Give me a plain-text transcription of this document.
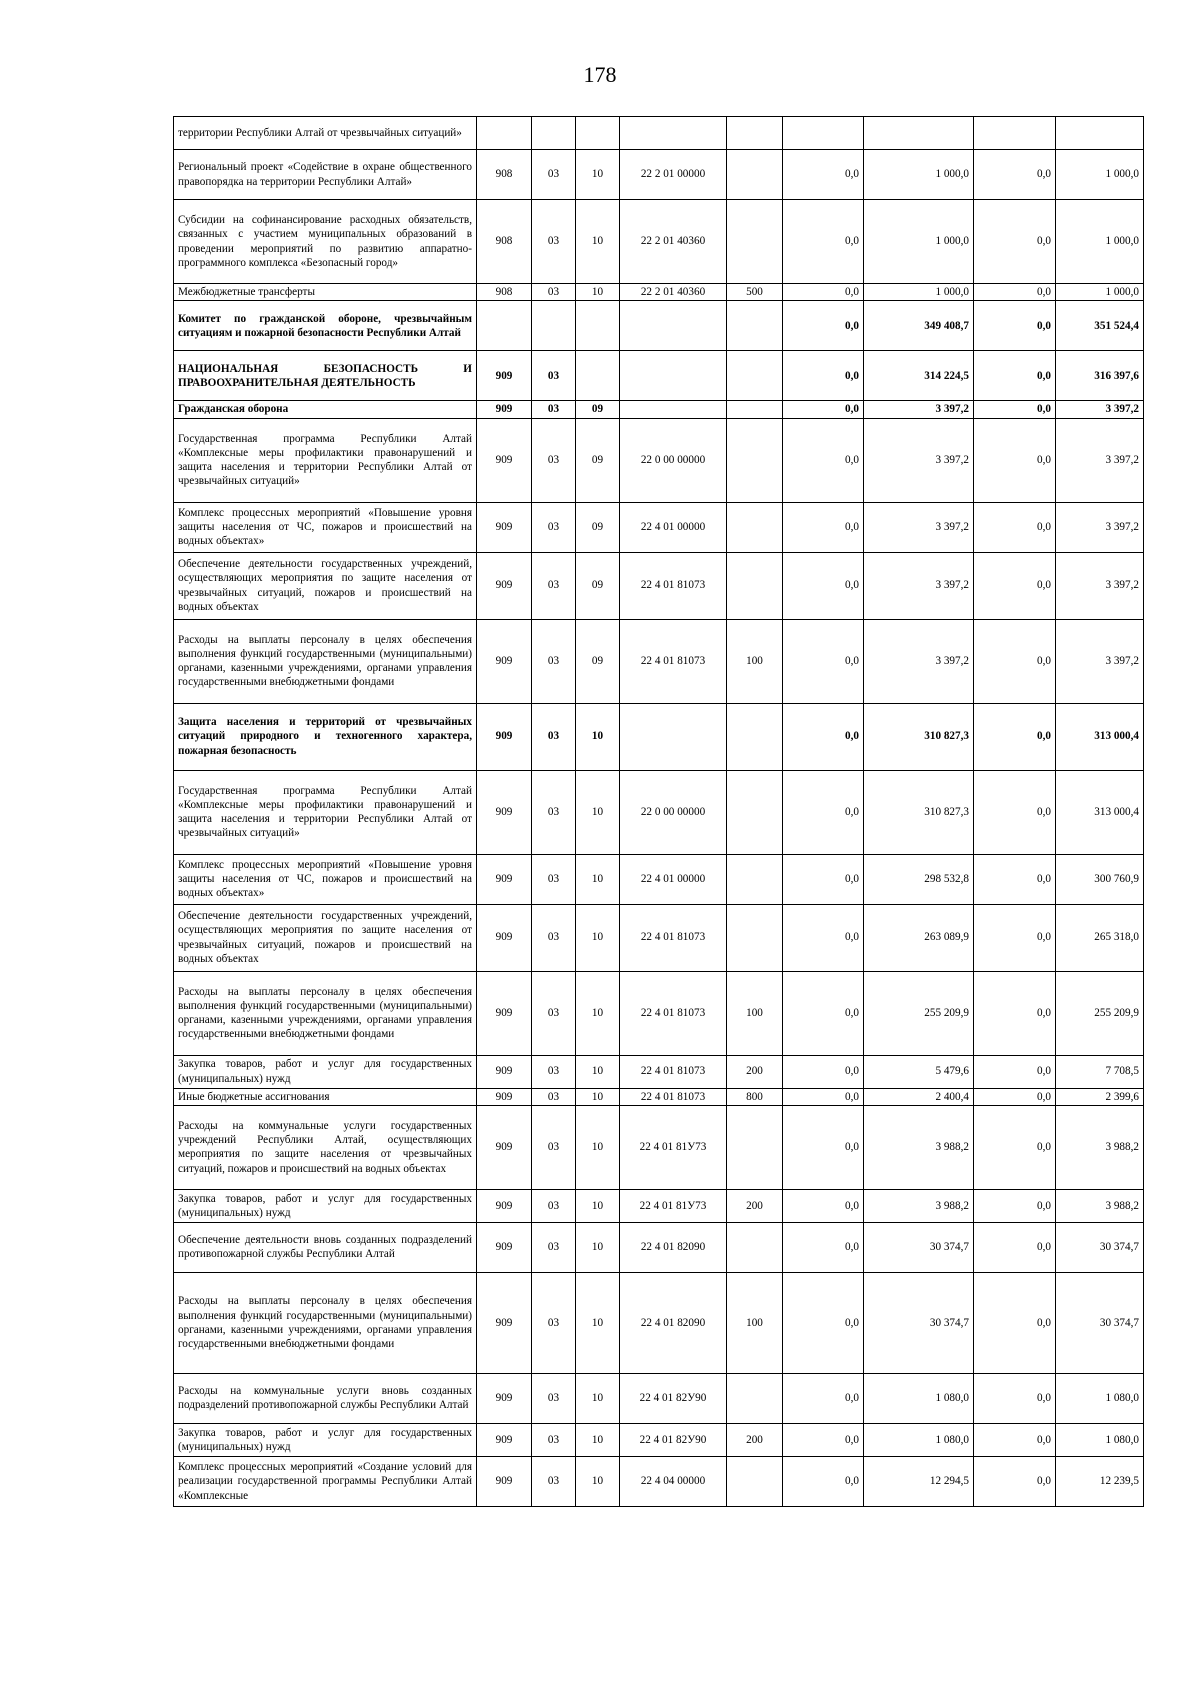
178
территории Республики Алтай от чрезвычайных ситуаций»									
Региональный проект «Содействие в охране общественного правопорядка на территории Республики Алтай»	908	03	10	22 2 01 00000		0,0	1 000,0	0,0	1 000,0
Субсидии на софинансирование расходных обязательств, связанных с участием муниципальных образований в проведении мероприятий по развитию аппаратно-программного комплекса «Безопасный город»	908	03	10	22 2 01 40360		0,0	1 000,0	0,0	1 000,0
Межбюджетные трансферты	908	03	10	22 2 01 40360	500	0,0	1 000,0	0,0	1 000,0
Комитет по гражданской обороне, чрезвычайным ситуациям и пожарной безопасности Республики Алтай						0,0	349 408,7	0,0	351 524,4
НАЦИОНАЛЬНАЯ БЕЗОПАСНОСТЬ И ПРАВООХРАНИТЕЛЬНАЯ ДЕЯТЕЛЬНОСТЬ	909	03				0,0	314 224,5	0,0	316 397,6
Гражданская оборона	909	03	09			0,0	3 397,2	0,0	3 397,2
Государственная программа Республики Алтай «Комплексные меры профилактики правонарушений и защита населения и территории Республики Алтай от чрезвычайных ситуаций»	909	03	09	22 0 00 00000		0,0	3 397,2	0,0	3 397,2
Комплекс процессных мероприятий «Повышение уровня защиты населения от ЧС, пожаров и происшествий на водных объектах»	909	03	09	22 4 01 00000		0,0	3 397,2	0,0	3 397,2
Обеспечение деятельности государственных учреждений, осуществляющих мероприятия по защите населения от чрезвычайных ситуаций, пожаров и происшествий на водных объектах	909	03	09	22 4 01 81073		0,0	3 397,2	0,0	3 397,2
Расходы на выплаты персоналу в целях обеспечения выполнения функций государственными (муниципальными) органами, казенными учреждениями, органами управления государственными внебюджетными фондами	909	03	09	22 4 01 81073	100	0,0	3 397,2	0,0	3 397,2
Защита населения и территорий от чрезвычайных ситуаций природного и техногенного характера, пожарная безопасность	909	03	10			0,0	310 827,3	0,0	313 000,4
Государственная программа Республики Алтай «Комплексные меры профилактики правонарушений и защита населения и территории Республики Алтай от чрезвычайных ситуаций»	909	03	10	22 0 00 00000		0,0	310 827,3	0,0	313 000,4
Комплекс процессных мероприятий «Повышение уровня защиты населения от ЧС, пожаров и происшествий на водных объектах»	909	03	10	22 4 01 00000		0,0	298 532,8	0,0	300 760,9
Обеспечение деятельности государственных учреждений, осуществляющих мероприятия по защите населения от чрезвычайных ситуаций, пожаров и происшествий на водных объектах	909	03	10	22 4 01 81073		0,0	263 089,9	0,0	265 318,0
Расходы на выплаты персоналу в целях обеспечения выполнения функций государственными (муниципальными) органами, казенными учреждениями, органами управления государственными внебюджетными фондами	909	03	10	22 4 01 81073	100	0,0	255 209,9	0,0	255 209,9
Закупка товаров, работ и услуг для государственных (муниципальных) нужд	909	03	10	22 4 01 81073	200	0,0	5 479,6	0,0	7 708,5
Иные бюджетные ассигнования	909	03	10	22 4 01 81073	800	0,0	2 400,4	0,0	2 399,6
Расходы на коммунальные услуги государственных учреждений Республики Алтай, осуществляющих мероприятия по защите населения от чрезвычайных ситуаций, пожаров и происшествий на водных объектах	909	03	10	22 4 01 81У73		0,0	3 988,2	0,0	3 988,2
Закупка товаров, работ и услуг для государственных (муниципальных) нужд	909	03	10	22 4 01 81У73	200	0,0	3 988,2	0,0	3 988,2
Обеспечение деятельности вновь созданных подразделений противопожарной службы Республики Алтай	909	03	10	22 4 01 82090		0,0	30 374,7	0,0	30 374,7
Расходы на выплаты персоналу в целях обеспечения выполнения функций государственными (муниципальными) органами, казенными учреждениями, органами управления государственными внебюджетными фондами	909	03	10	22 4 01 82090	100	0,0	30 374,7	0,0	30 374,7
Расходы на коммунальные услуги вновь созданных подразделений противопожарной службы Республики Алтай	909	03	10	22 4 01 82У90		0,0	1 080,0	0,0	1 080,0
Закупка товаров, работ и услуг для государственных (муниципальных) нужд	909	03	10	22 4 01 82У90	200	0,0	1 080,0	0,0	1 080,0
Комплекс процессных мероприятий «Создание условий для реализации государственной программы Республики Алтай «Комплексные	909	03	10	22 4 04 00000		0,0	12 294,5	0,0	12 239,5
